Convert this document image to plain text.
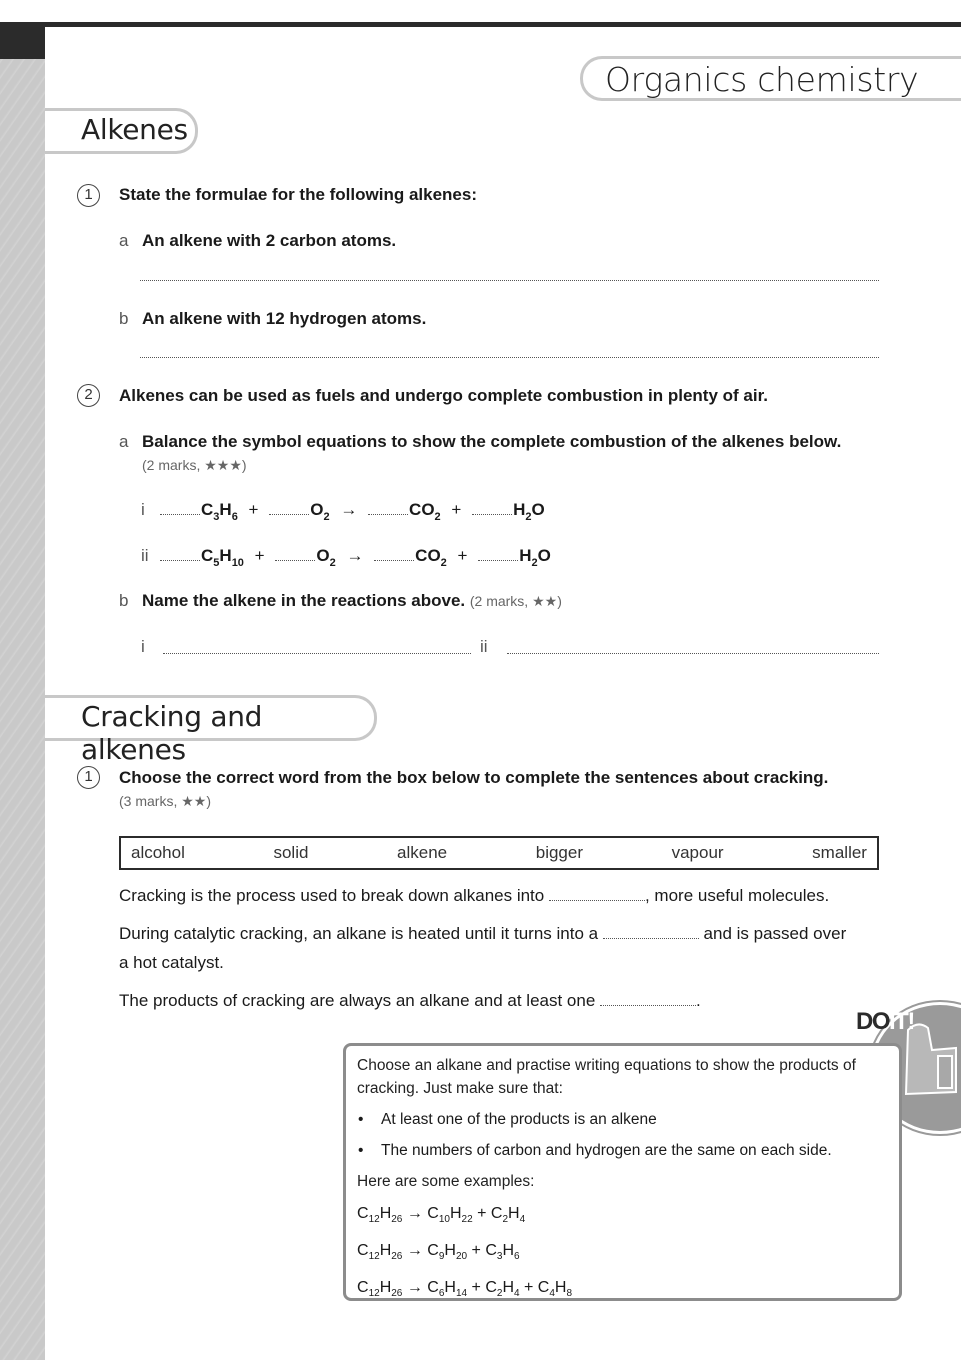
Organics chemistry
Alkenes
1	State the formulae for the following alkenes:
a An alkene with 2 carbon atoms.
b An alkene with 12 hydrogen atoms.
2	Alkenes can be used as fuels and undergo complete combustion in plenty of air.
a Balance the symbol equations to show the complete combustion of the alkenes below.
(2 marks, ★★★)
i	$C_3H_6$ +	$O_2$ →	$CO_2$ +	$H_2O$
ii	$C_5H_{10}$ +	$O_2$ →	$CO_2$ +	$H_2O$
b Name the alkene in the reactions above. (2 marks, ★★)
i	ii
Cracking and alkenes
1	Choose the correct word from the box below to complete the sentences about cracking.
(3 marks, ★★)
alcohol	solid	alkene	bigger	vapour	smaller
Cracking is the process used to break down alkanes into	, more useful molecules.
During catalytic cracking, an alkane is heated until it turns into a	and is passed over a hot catalyst.
The products of cracking are always an alkane and at least one	.
DOIT!
Choose an alkane and practise writing equations to show the products of cracking. Just make sure that:
• At least one of the products is an alkene
• The numbers of carbon and hydrogen are the same on each side.
Here are some examples:
$C_{12}H_{26} \to C_{10}H_{22} + C_2H_4$
$C_{12}H_{26} \to C_9H_{20} + C_3H_6$
$C_{12}H_{26} \to C_6H_{14} + C_2H_4 + C_4H_8$
